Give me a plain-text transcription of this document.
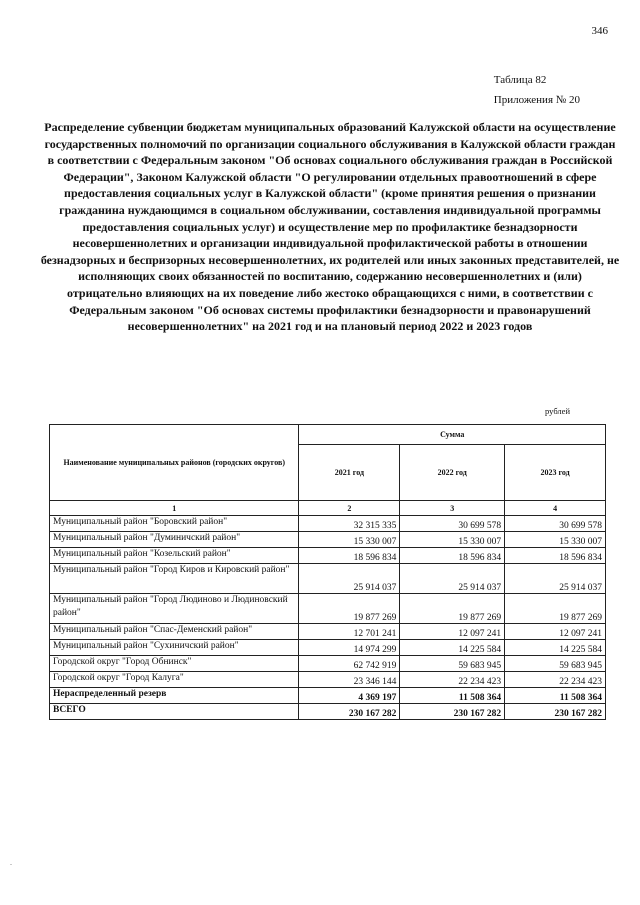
346
Таблица 82
Приложения № 20
Распределение субвенции бюджетам муниципальных образований Калужской области на осуществление государственных полномочий по организации социального обслуживания в Калужской области граждан в соответствии с Федеральным законом "Об основах социального обслуживания граждан в Российской Федерации", Законом Калужской области "О регулировании отдельных правоотношений в сфере предоставления социальных услуг в Калужской области" (кроме принятия решения о признании гражданина нуждающимся в социальном обслуживании, составления индивидуальной программы предоставления социальных услуг) и осуществление мер по профилактике безнадзорности несовершеннолетних и организации индивидуальной профилактической работы в отношении безнадзорных и беспризорных несовершеннолетних, их родителей или иных законных представителей, не исполняющих своих обязанностей по воспитанию, содержанию несовершеннолетних и (или) отрицательно влияющих на их поведение либо жестоко обращающихся с ними, в соответствии с Федеральным законом "Об основах системы профилактики безнадзорности и правонарушений несовершеннолетних" на 2021 год и на плановый период 2022 и 2023 годов
рублей
Наименование муниципальных районов (городских округов)	Сумма		
	2021 год	2022 год	2023 год
1	2	3	4
Муниципальный район "Боровский район"	32 315 335	30 699 578	30 699 578
Муниципальный район "Думиничский район"	15 330 007	15 330 007	15 330 007
Муниципальный район "Козельский район"	18 596 834	18 596 834	18 596 834
Муниципальный район "Город Киров и Кировский район"	25 914 037	25 914 037	25 914 037
Муниципальный район "Город Людиново и Людиновский район"	19 877 269	19 877 269	19 877 269
Муниципальный район "Спас-Деменский район"	12 701 241	12 097 241	12 097 241
Муниципальный район "Сухиничский район"	14 974 299	14 225 584	14 225 584
Городской округ "Город Обнинск"	62 742 919	59 683 945	59 683 945
Городской округ "Город Калуга"	23 346 144	22 234 423	22 234 423
Нераспределенный резерв	4 369 197	11 508 364	11 508 364
ВСЕГО	230 167 282	230 167 282	230 167 282
.
